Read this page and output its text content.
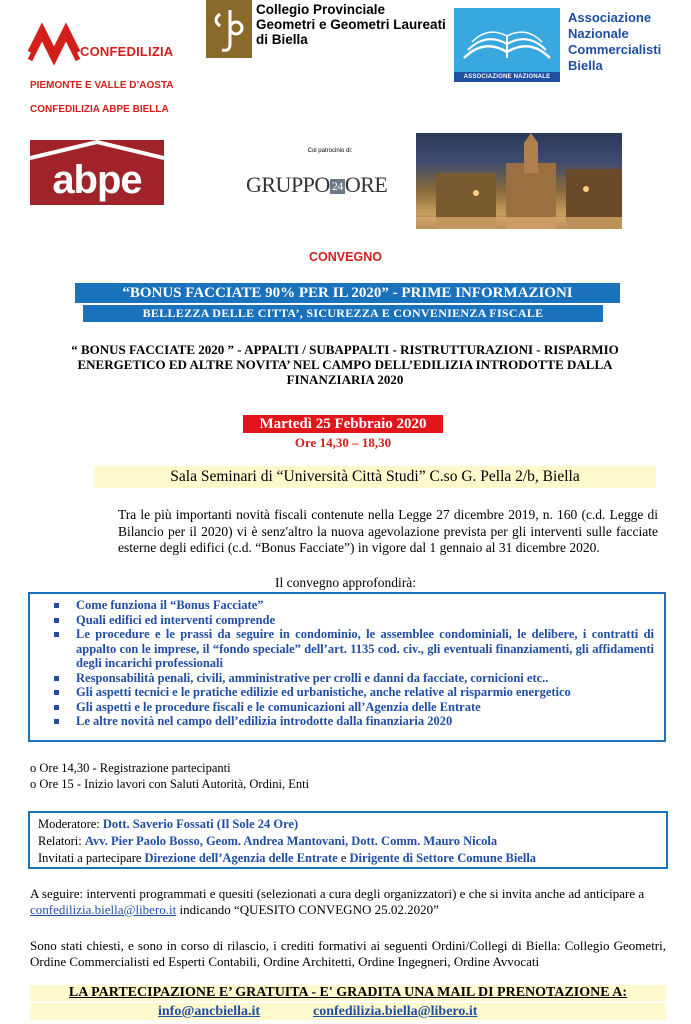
CONFEDILIZIA
Collegio Provinciale
Geometri e Geometri Laureati
di Biella
ASSOCIAZIONE NAZIONALE COMMERCIALISTI
Associazione
Nazionale
Commercialisti
Biella
PIEMONTE E VALLE D’AOSTA
CONFEDILIZIA ABPE BIELLA
abpe
Col patrocinio di:
GRUPPO 24ORE
CONVEGNO
“BONUS FACCIATE 90% PER IL 2020” - PRIME INFORMAZIONI
BELLEZZA DELLE CITTA’, SICUREZZA E CONVENIENZA FISCALE
“ BONUS FACCIATE 2020 ” - APPALTI / SUBAPPALTI - RISTRUTTURAZIONI - RISPARMIO ENERGETICO ED ALTRE NOVITA’ NEL CAMPO DELL’EDILIZIA INTRODOTTE DALLA FINANZIARIA 2020
Martedì 25 Febbraio 2020
Ore 14,30 – 18,30
Sala Seminari di “Università Città Studi” C.so G. Pella 2/b, Biella
Tra le più importanti novità fiscali contenute nella Legge 27 dicembre 2019, n. 160 (c.d. Legge di Bilancio per il 2020) vi è senz'altro la nuova agevolazione prevista per gli interventi sulle facciate esterne degli edifici (c.d. “Bonus Facciate”) in vigore dal 1 gennaio al 31 dicembre 2020.
Il convegno approfondirà:
Come funziona il “Bonus Facciate”
Quali edifici ed interventi comprende
Le procedure e le prassi da seguire in condominio, le assemblee condominiali, le delibere, i contratti di appalto con le imprese, il “fondo speciale” dell’art. 1135 cod. civ., gli eventuali finanziamenti, gli affidamenti degli incarichi professionali
Responsabilità penali, civili, amministrative per crolli e danni da facciate, cornicioni etc..
Gli aspetti tecnici e le pratiche edilizie ed urbanistiche, anche relative al risparmio energetico
Gli aspetti e le procedure fiscali e le comunicazioni all’Agenzia delle Entrate
Le altre novità nel campo dell’edilizia introdotte dalla finanziaria 2020
o Ore 14,30 - Registrazione partecipanti
o Ore 15 - Inizio lavori con Saluti Autorità, Ordini, Enti
Moderatore: Dott. Saverio Fossati (Il Sole 24 Ore)
Relatori: Avv. Pier Paolo Bosso, Geom. Andrea Mantovani, Dott. Comm. Mauro Nicola
Invitati a partecipare Direzione dell’Agenzia delle Entrate e Dirigente di Settore Comune Biella
A seguire: interventi programmati e quesiti (selezionati a cura degli organizzatori) e che si invita anche ad anticipare a confedilizia.biella@libero.it indicando “QUESITO CONVEGNO 25.02.2020”
Sono stati chiesti, e sono in corso di rilascio, i crediti formativi ai seguenti Ordini/Collegi di Biella: Collegio Geometri, Ordine Commercialisti ed Esperti Contabili, Ordine Architetti, Ordine Ingegneri, Ordine Avvocati
LA PARTECIPAZIONE E’ GRATUITA - E' GRADITA UNA MAIL DI PRENOTAZIONE A:
info@ancbiella.it	confedilizia.biella@libero.it
